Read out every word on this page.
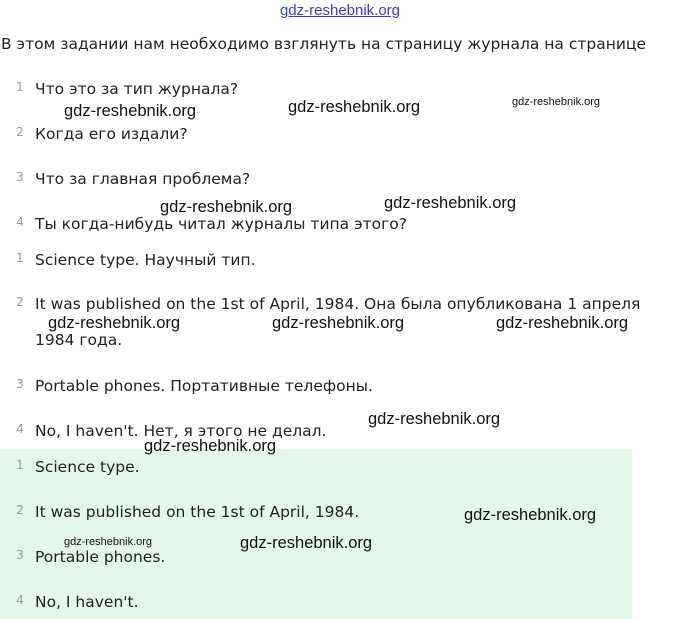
gdz-reshebnik.org
В этом задании нам необходимо взглянуть на страницу журнала на странице
1 Что это за тип журнала?
2 Когда его издали?
3 Что за главная проблема?
4 Ты когда-нибудь читал журналы типа этого?
1 Science type. Научный тип.
2 It was published on the 1st of April, 1984. Она была опубликована 1 апреля 1984 года.
3 Portable phones. Портативные телефоны.
4 No, I haven't. Нет, я этого не делал.
1 Science type.
2 It was published on the 1st of April, 1984.
3 Portable phones.
4 No, I haven't.
gdz-reshebnik.org	gdz-reshebnik.org	gdz-reshebnik.org
gdz-reshebnik.org	gdz-reshebnik.org
gdz-reshebnik.org	gdz-reshebnik.org	gdz-reshebnik.org
gdz-reshebnik.org
gdz-reshebnik.org
gdz-reshebnik.org
gdz-reshebnik.org	gdz-reshebnik.org
